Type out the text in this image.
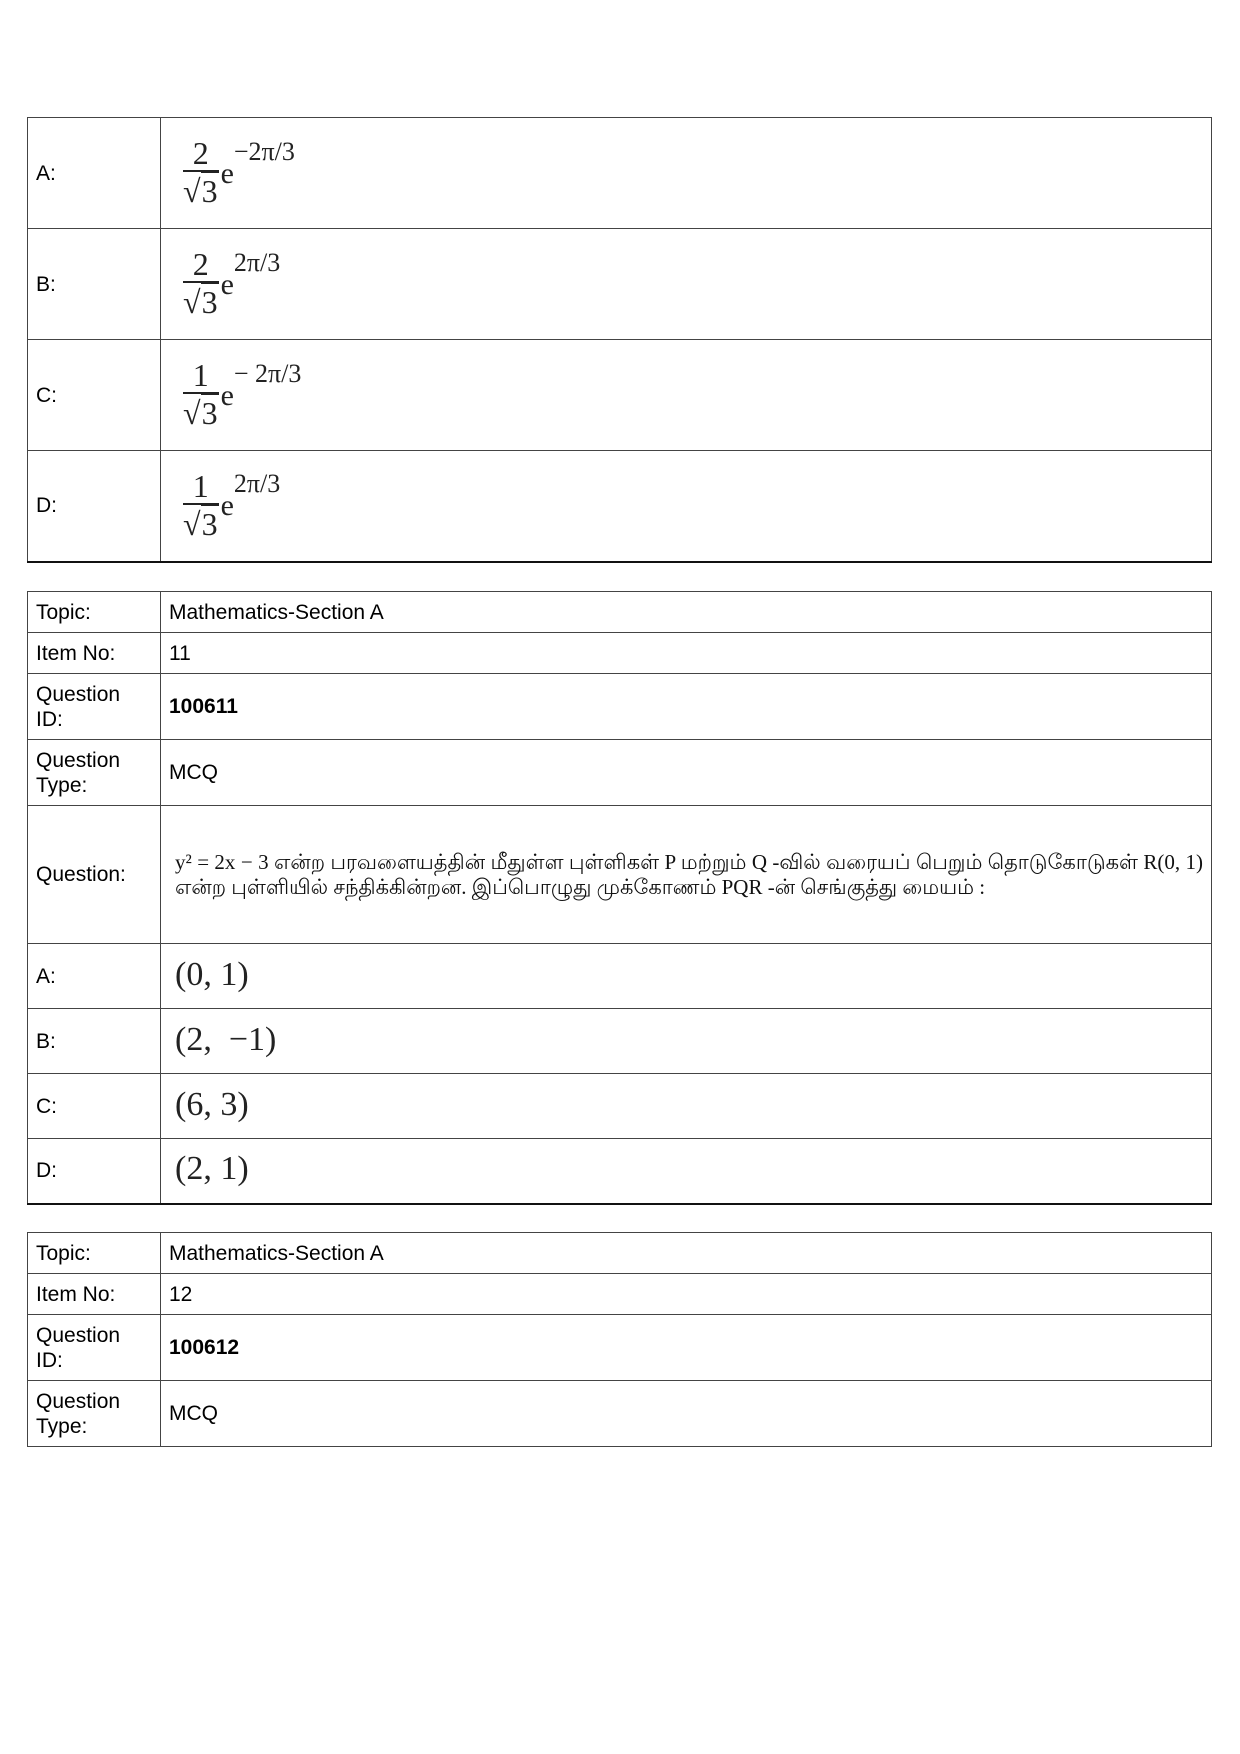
A:	$\frac{2}{√3} e-2\pi/3$
B:	$\frac{2}{√3} e2\pi/3$
C:	$\frac{1}{√3} e- 2\pi/3$
D:	$\frac{1}{√3} e2\pi/3$
Topic:	Mathematics-Section A
Item No:	11
Question ID:	100611
Question Type:	MCQ
Question:	y² = 2x − 3 என்ற பரவளையத்தின் மீதுள்ள புள்ளிகள் P மற்றும் Q -வில் வரையப் பெறும் தொடுகோடுகள் R(0, 1) என்ற புள்ளியில் சந்திக்கின்றன. இப்பொழுது முக்கோணம் PQR -ன் செங்குத்து மையம் :
A:	(0, 1)
B:	(2,  −1)
C:	(6, 3)
D:	(2, 1)
Topic:	Mathematics-Section A
Item No:	12
Question ID:	100612
Question Type:	MCQ
